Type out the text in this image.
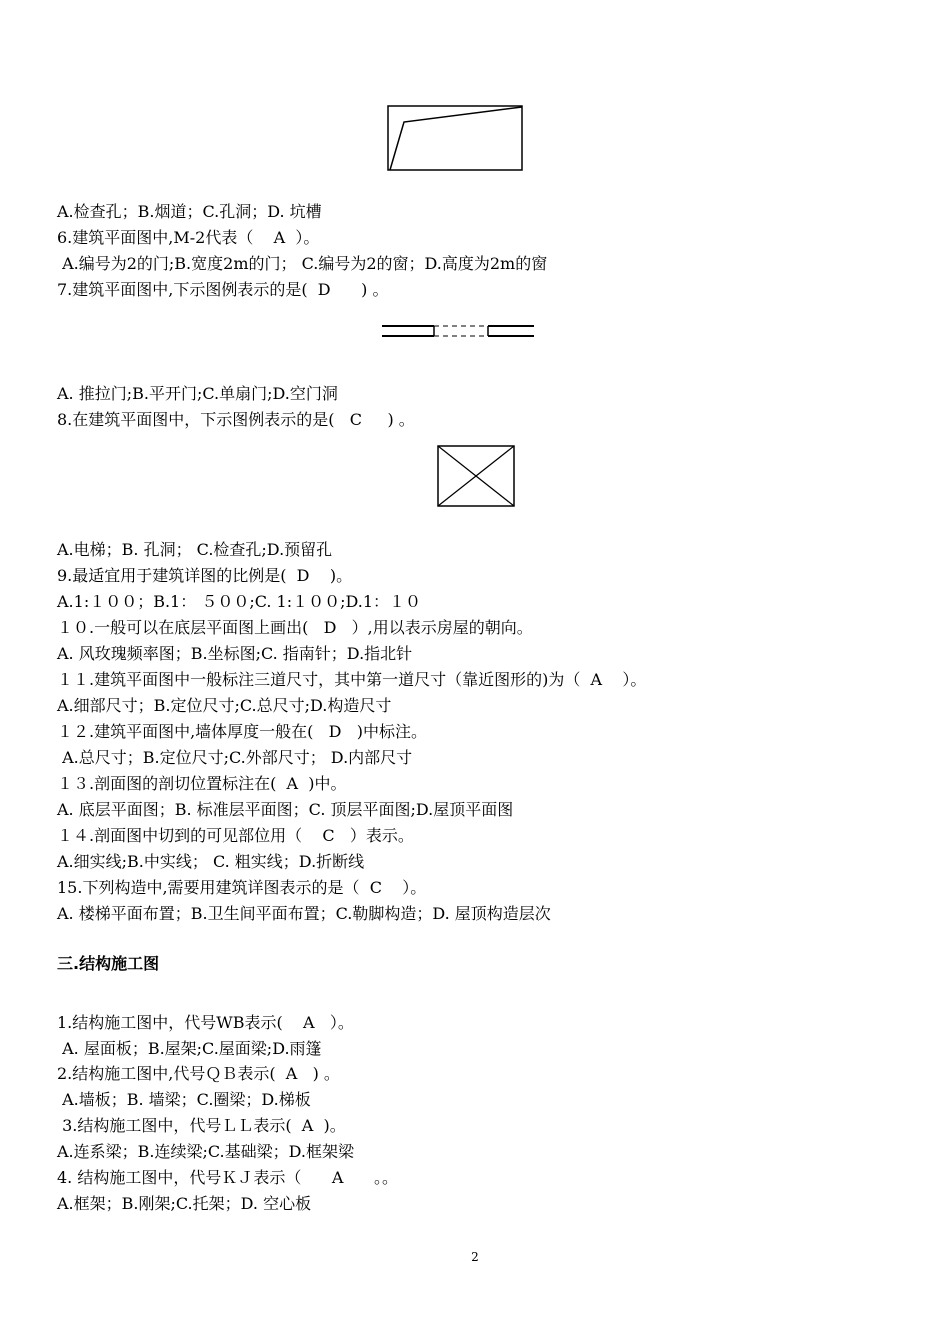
A.检查孔；B.烟道；C.孔洞；D. 坑槽
6.建筑平面图中,M-2代表（    A  ）。
A.编号为2的门;B.宽度2m的门； C.编号为2的窗；D.高度为2m的窗
7.建筑平面图中,下示图例表示的是(  D      ) 。
A. 推拉门;B.平开门;C.单扇门;D.空门洞
8.在建筑平面图中，下示图例表示的是(   C     ) 。
A.电梯；B. 孔洞； C.检查孔;D.预留孔
9.最适宜用于建筑详图的比例是(  D    )。
A.1:１００；B.1： ５００;C. 1:１００;D.1：１０
１０.一般可以在底层平面图上画出(   D   ）,用以表示房屋的朝向。
A. 风玫瑰频率图；B.坐标图;C. 指南针；D.指北针
１１.建筑平面图中一般标注三道尺寸，其中第一道尺寸（靠近图形的)为（  A    ）。
A.细部尺寸；B.定位尺寸;C.总尺寸;D.构造尺寸
１２.建筑平面图中,墙体厚度一般在(   D   )中标注。
A.总尺寸；B.定位尺寸;C.外部尺寸； D.内部尺寸
１３.剖面图的剖切位置标注在(  A  )中。
A. 底层平面图；B. 标准层平面图；C. 顶层平面图;D.屋顶平面图
１４.剖面图中切到的可见部位用（    C   ）表示。
A.细实线;B.中实线； C. 粗实线；D.折断线
15.下列构造中,需要用建筑详图表示的是（  C    ）。
A. 楼梯平面布置；B.卫生间平面布置；C.勒脚构造；D. 屋顶构造层次
三.结构施工图
1.结构施工图中，代号WB表示(    A   ）。
A. 屋面板；B.屋架;C.屋面梁;D.雨篷
2.结构施工图中,代号ＱＢ表示(  A   ) 。
A.墙板；B. 墙梁；C.圈梁；D.梯板
3.结构施工图中，代号ＬＬ表示(  A  )。
A.连系梁；B.连续梁;C.基础梁；D.框架梁
4. 结构施工图中，代号ＫＪ表示（      A      。。
A.框架；B.刚架;C.托架；D. 空心板
2
